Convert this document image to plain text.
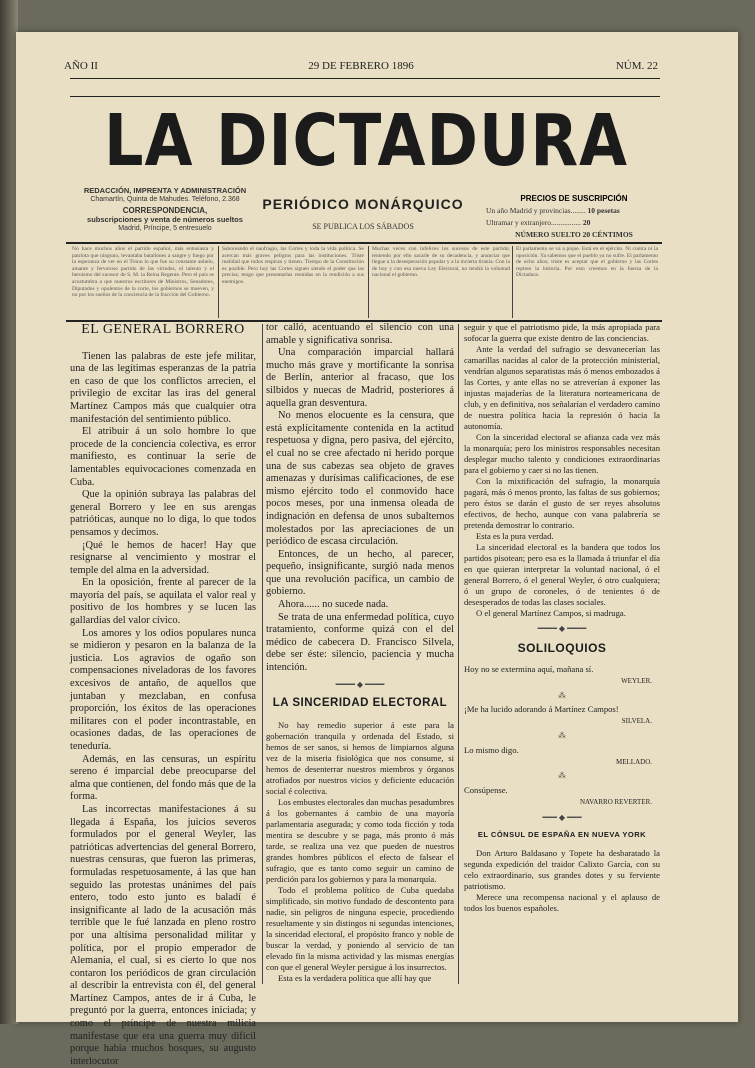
AÑO II	29 DE FEBRERO 1896	NÚM. 22
LA DICTADURA
REDACCIÓN, IMPRENTA Y ADMINISTRACIÓN
Chamartín, Quinta de Mahudes. Teléfono, 2.368
CORRESPONDENCIA,
subscripciones y venta de números sueltos
Madrid, Príncipe, 5 entresuelo
PERIÓDICO MONÁRQUICO
SE PUBLICA LOS SÁBADOS
PRECIOS DE SUSCRIPCIÓN
Un año Madrid y provincias........ 10 pesetas
Ultramar y extranjero................ 20
NÚMERO SUELTO 20 CÉNTIMOS
No hace muchos años el partido español, más entusiasta y patriota que ninguno, levantaba batallones a sangre y fuego por la esperanza de ver en el Trono lo que fue su constante anhelo, amante y fervoroso partido de las virtudes, el talento y el heroísmo del sucesor de S. M. la Reina Regente. Pero el país se acostumbra a que nuestros escritores de Ministros, Senadores, Diputados y opulentos de la corte, los gobiernos se mueven, y no por los sueños de la conciencia de la fracción del Gobierno.
Saboreando el naufragio, las Cortes y toda la vida política. Se acercan más graves peligros para las instituciones. Triste realidad que todos respiran y tienen. Tiempo de la Constitución es posible. Pero hoy las Cortes siguen siendo el poder que las precisa; tengo que presentarlas reunidas en la rendición a sus enemigos.
Muchas veces con infelices los sucesos de este partido; teniendo por ello sacarle de su decadencia, y anunciar que llegue a la desesperación popular y a la incierta tiranía. Con la de hoy y con esa nueva Ley Electoral, no tendrá la voluntad nacional el gobierno.
El parlamento se va a pique. Está en el ejército. Ni contra ni la oposición. Ya sabemos que el pueblo ya no sufre. El parlamento de ocho años; triste es aceptar que el gobierno y las Cortes repiten la historia. Por esto creemos en la fuerza de la Dictadura.
EL GENERAL BORRERO

Tienen las palabras de este jefe militar, una de las legítimas esperanzas de la patria en caso de que los conflictos arrecien, el privilegio de excitar las iras del general Martínez Campos más que cualquier otra manifestación del sentimiento público.

El atribuir á un solo hombre lo que procede de la conciencia colectiva, es error manifiesto, es continuar la serie de lamentables equivocaciones comenzada en Cuba.

Que la opinión subraya las palabras del general Borrero y lee en sus arengas patrióticas, aunque no lo diga, lo que todos pensamos y decimos.

¡Qué le hemos de hacer! Hay que resignarse al vencimiento y mostrar el temple del alma en la adversidad.

En la oposición, frente al parecer de la mayoría del país, se aquilata el valor real y positivo de los hombres y se lucen las gallardías del valor cívico.

Los amores y los odios populares nunca se midieron y pesaron en la balanza de la justicia. Los agravios de ogaño son compensaciones niveladoras de los favores excesivos de antaño, de aquellos que juntaban y mezclaban, en confusa proporción, los éxitos de las operaciones militares con el poder incontrastable, en ocasiones dadas, de las operaciones de teneduría.

Además, en las censuras, un espíritu sereno é imparcial debe preocuparse del alma que contienen, del fondo más que de la forma.

Las incorrectas manifestaciones á su llegada á España, los juicios severos formulados por el general Weyler, las patrióticas advertencias del general Borrero, nuestras censuras, que fueron las primeras, formuladas respetuosamente, á las que han seguido las protestas unánimes del país entero, todo esto junto es baladí é insignificante al lado de la acusación más terrible que le fué lanzada en pleno rostro por una altísima personalidad militar y política, por el propio emperador de Alemania, el cual, si es cierto lo que nos contaron los periódicos de gran circulación al describir la entrevista con él, del general Martínez Campos, antes de ir á Cuba, le preguntó por la guerra, entonces iniciada; y como el príncipe de nuestra milicia manifestase que era una guerra muy difícil porque había muchos bosques, su augusto interlocutor

tor calló, acentuando el silencio con una amable y significativa sonrisa.

Una comparación imparcial hallará mucho más grave y mortificante la sonrisa de Berlín, anterior al fracaso, que los silbidos y nuecas de Madrid, posteriores á aquella gran desventura.

No menos elocuente es la censura, que está explícitamente contenida en la actitud respetuosa y digna, pero pasiva, del ejército, el cual no se cree afectado ni herido porque una de sus cabezas sea objeto de graves amenazas y durísimas calificaciones, de ese mismo ejército todo el conmovido hace pocos meses, por una inmensa oleada de indignación en defensa de unos subalternos molestados por las apreciaciones de un periódico de escasa circulación.

Entonces, de un hecho, al parecer, pequeño, insignificante, surgió nada menos que una revolución pacífica, un cambio de gobierno.

Ahora...... no sucede nada.

Se trata de una enfermedad política, cuyo tratamiento, conforme quizá con el del médico de cabecera D. Francisco Silvela, debe ser éste: silencio, paciencia y mucha intención.

━━━━ ◆ ━━━━
LA SINCERIDAD ELECTORAL

No hay remedio superior á este para la gobernación tranquila y ordenada del Estado, si hemos de ser sanos, si hemos de limpiarnos alguna vez de la miseria fisiológica que nos consume, si hemos de desenterrar nuestros miembros y órganos atrofiados por nuestros vicios y deficiente educación social é colectiva.

Los embustes electorales dan muchas pesadumbres á los gobernantes á cambio de una mayoría parlamentaria asegurada; y como toda ficción y toda mentira se descubre y se paga, más pronto ó más tarde, se realiza una vez que pueden de nuestros grandes hombres públicos el efecto de falsear el sufragio, que es tanto como seguir un camino de perdición para los gobiernos y para la monarquía.

Todo el problema político de Cuba quedaba simplificado, sin motivo fundado de descontento para nadie, sin peligros de ninguna especie, procediendo resueltamente y sin distingos ni segundas intenciones, la sinceridad electoral, el propósito franco y noble de buscar la verdad, y poniendo al servicio de tan elevado fin la misma actividad y las mismas energías con que el general Weyler persigue á los insurrectos.

Esta es la verdadera política que allí hay que

seguir y que el patriotismo pide, la más apropiada para sofocar la guerra que existe dentro de las conciencias.

Ante la verdad del sufragio se desvanecerían las camarillas nacidas al calor de la protección ministerial, vendrían algunos separatistas más ó menos embozados á las Cortes, y ante ellas no se atreverían á exponer las injustas majaderías de la literatura norteamericana de club, y en definitiva, nos señalarían el verdadero camino de nuestra política hacia la represión ó hacia la autonomía.

Con la sinceridad electoral se afianza cada vez más la monarquía; pero los ministros responsables necesitan desplegar mucho talento y condiciones extraordinarias para el gobierno y caer si no las tienen.

Con la mixtificación del sufragio, la monarquía pagará, más ó menos pronto, las faltas de sus gobiernos; pero éstos se darán el gusto de ser reyes absolutos efectivos, de hecho, aunque con vana palabrería se pretenda demostrar lo contrario.

Esta es la pura verdad.

La sinceridad electoral es la bandera que todos los partidos pisotean; pero esa es la llamada á triunfar el día en que quieran interpretar la voluntad nacional, ó el general Borrero, ó el general Weyler, ó otro cualquiera; ó un grupo de coroneles, ó de tenientes ó de desesperados de todas las clases sociales.

O el general Martínez Campos, si madruga.

━━━━ ◆ ━━━━
SOLILOQUIOS

Hoy no se extermina aquí, mañana sí.

WEYLER.
⁂

¡Me ha lucido adorando á Martínez Campos!

SILVELA.
⁂

Lo mismo digo.

MELLADO.
⁂

Consúpense.

NAVARRO REVERTER.
━━━ ◆ ━━━
EL CÓNSUL DE ESPAÑA EN NUEVA YORK

Don Arturo Baldasano y Topete ha desbaratado la segunda expedición del traidor Calixto García, con su celo extraordinario, sus grandes dotes y su ferviente patriotismo.

Merece una recompensa nacional y el aplauso de todos los buenos españoles.
